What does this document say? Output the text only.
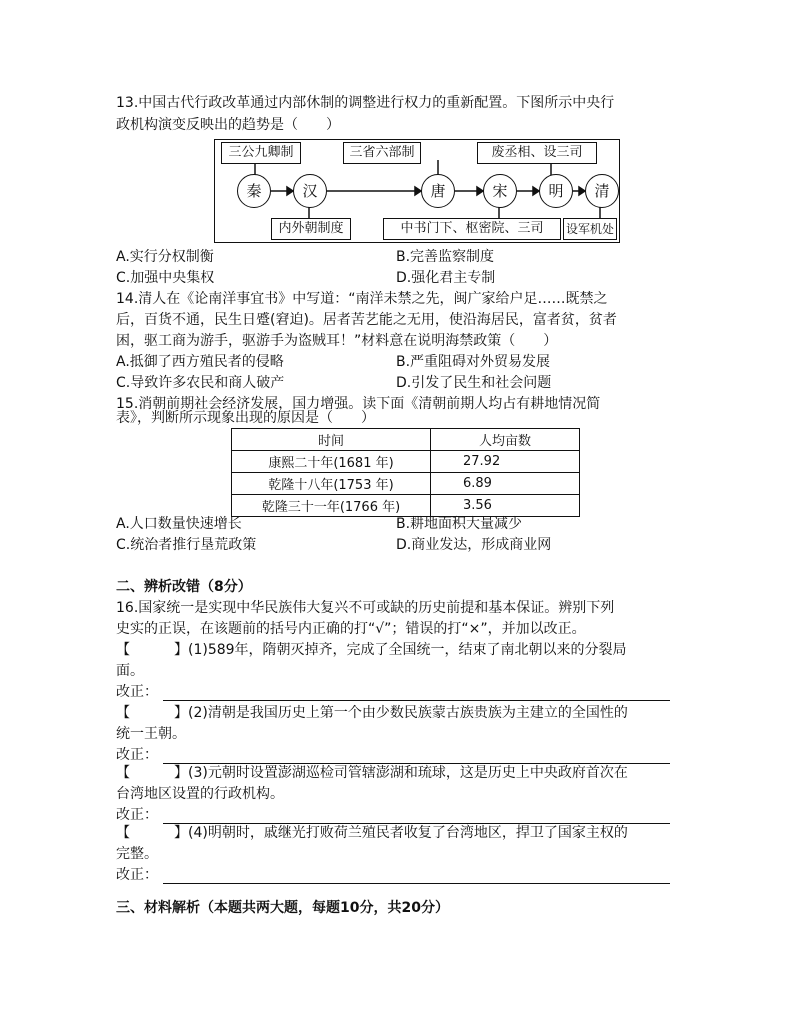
13.中国古代行政改革通过内部休制的调整进行权力的重新配置。下图所示中央行
政机构演变反映出的趋势是（　　）
三公九卿制	三省六部制	废丞相、设三司
秦	汉	唐	宋	明	清
内外朝制度	中书门下、枢密院、三司	设军机处
A.实行分权制衡	B.完善监察制度
C.加强中央集权	D.强化君主专制
14.清人在《论南洋事宜书》中写道：“南洋未禁之先，闽广家给户足……既禁之
后，百货不通，民生日蹙(窘迫)。居者苦艺能之无用，使沿海居民，富者贫，贫者
困，驱工商为游手，驱游手为盗贼耳！”材料意在说明海禁政策（　　）
A.抵御了西方殖民者的侵略	B.严重阻碍对外贸易发展
C.导致许多农民和商人破产	D.引发了民生和社会问题
15.消朝前期社会经济发展，国力增强。读下面《清朝前期人均占有耕地情况简
表》，判断所示现象出现的原因是（　　）
时间	人均亩数
康熙二十年(1681 年)	27.92
乾隆十八年(1753 年)	6.89
乾隆三十一年(1766 年)	3.56
A.人口数量快速增长	B.耕地面积大量减少
C.统治者推行垦荒政策	D.商业发达，形成商业网
二、辨析改错（8分）
16.国家统一是实现中华民族伟大复兴不可或缺的历史前提和基本保证。辨别下列
史实的正误，在该题前的括号内正确的打“√”；错误的打“×”，并加以改正。
【	】(1)589年，隋朝灭掉齐，完成了全国统一，结束了南北朝以来的分裂局
面。
改正：
【	】(2)清朝是我国历史上第一个由少数民族蒙古族贵族为主建立的全国性的
统一王朝。
改正：
【	】(3)元朝时设置澎湖巡检司管辖澎湖和琉球，这是历史上中央政府首次在
台湾地区设置的行政机构。
改正：
【	】(4)明朝时，戚继光打败荷兰殖民者收复了台湾地区，捍卫了国家主权的
完整。
改正：
三、材料解析（本题共两大题，每题10分，共20分）
